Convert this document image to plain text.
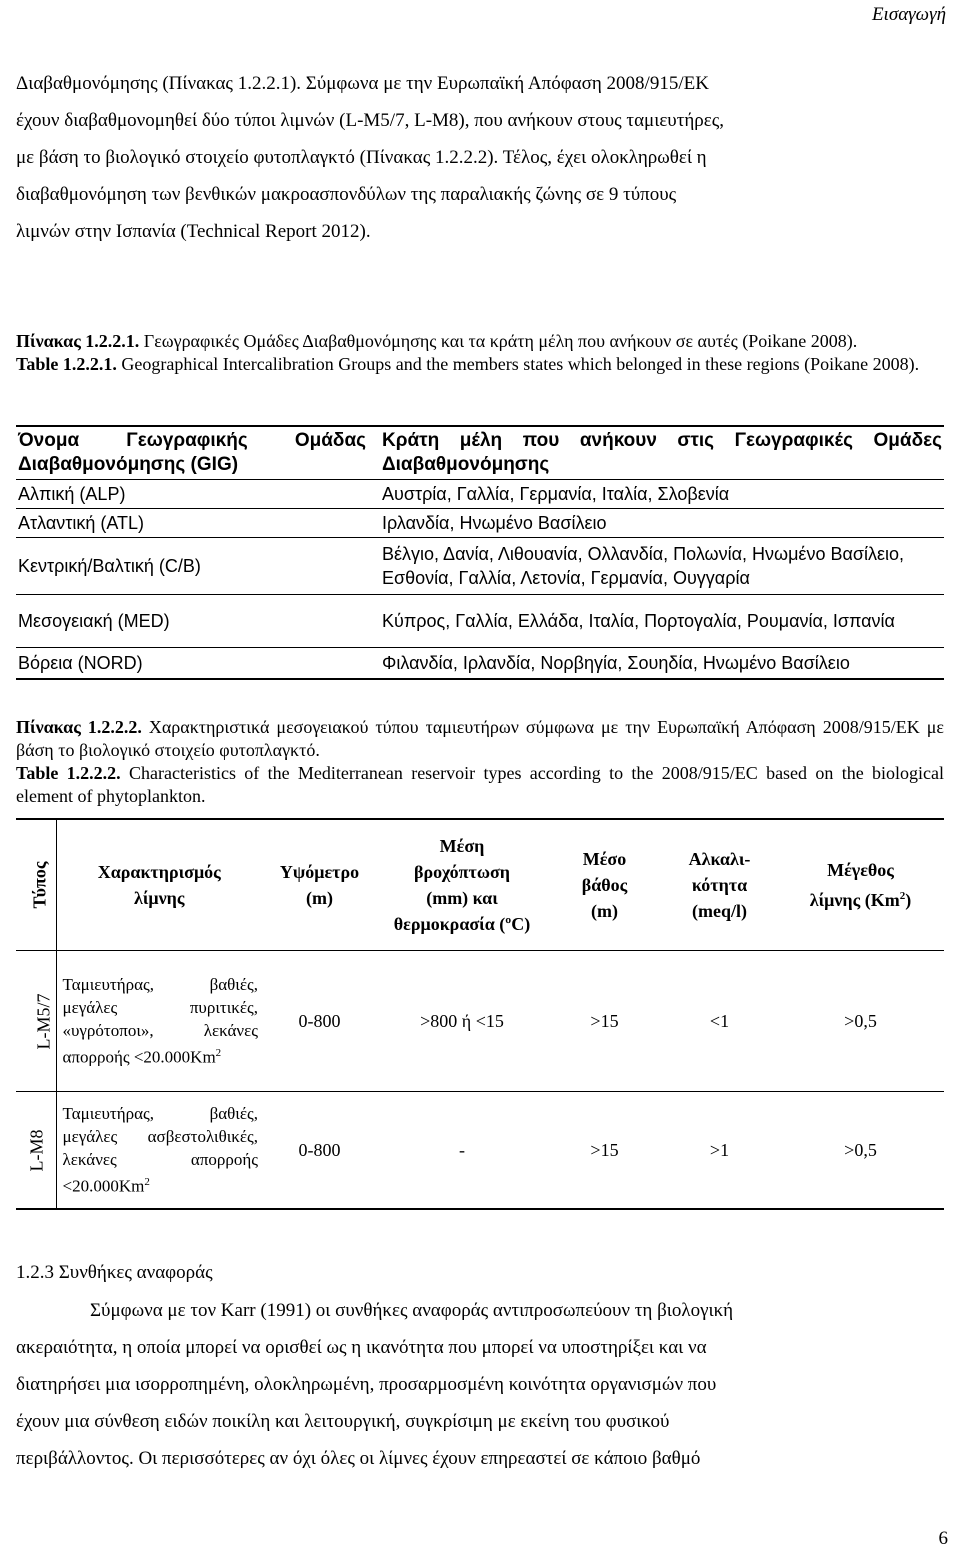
Εισαγωγή

Διαβαθμονόμησης (Πίνακας 1.2.2.1). Σύμφωνα με την Ευρωπαϊκή Απόφαση 2008/915/ΕΚ

έχουν διαβαθμονομηθεί δύο τύποι λιμνών (L-M5/7, L-M8), που ανήκουν στους ταμιευτήρες,

με βάση το βιολογικό στοιχείο φυτοπλαγκτό (Πίνακας 1.2.2.2). Τέλος, έχει ολοκληρωθεί η

διαβαθμονόμηση των βενθικών μακροασπονδύλων της παραλιακής ζώνης σε 9 τύπους

λιμνών στην Ισπανία (Technical Report 2012).

Πίνακας 1.2.2.1. Γεωγραφικές Ομάδες Διαβαθμονόμησης και τα κράτη μέλη που ανήκουν σε αυτές (Poikane 2008).

Table 1.2.2.1. Geographical Intercalibration Groups and the members states which belonged in these regions (Poikane 2008).

Όνομα Γεωγραφικής Ομάδας Διαβαθμονόμησης (GIG)	Κράτη μέλη που ανήκουν στις Γεωγραφικές Ομάδες Διαβαθμονόμησης
Αλπική (ALP)	Αυστρία, Γαλλία, Γερμανία, Ιταλία, Σλοβενία
Ατλαντική (ATL)	Ιρλανδία, Ηνωμένο Βασίλειο
Κεντρική/Βαλτική (C/B)	Βέλγιο, Δανία, Λιθουανία, Ολλανδία, Πολωνία, Ηνωμένο Βασίλειο, Εσθονία, Γαλλία, Λετονία, Γερμανία, Ουγγαρία
Μεσογειακή (MED)	Κύπρος, Γαλλία, Ελλάδα, Ιταλία, Πορτογαλία, Ρουμανία, Ισπανία
Βόρεια (NORD)	Φιλανδία, Ιρλανδία, Νορβηγία, Σουηδία, Ηνωμένο Βασίλειο

Πίνακας 1.2.2.2. Χαρακτηριστικά μεσογειακού τύπου ταμιευτήρων σύμφωνα με την Ευρωπαϊκή Απόφαση 2008/915/ΕΚ με βάση το βιολογικό στοιχείο φυτοπλαγκτό.

Table 1.2.2.2. Characteristics of the Mediterranean reservoir types according to the 2008/915/EC based on the biological element of phytoplankton.

Τύπος	Χαρακτηρισμός λίμνης	Υψόμετρο (m)	Μέση βροχόπτωση (mm) και θερμοκρασία (ºC)	Μέσο βάθος (m)	Αλκαλι-κότητα (meq/l)	Μέγεθος λίμνης (Km$^2$)
L-M5/7	Ταμιευτήρας, βαθιές, μεγάλες πυριτικές, «υγρότοποι», λεκάνες $\alpha\pi o\rho\rho oή\varsigma <20.000Km^2$	0-800	>800 ή <15	>15	<1	>0,5
L-M8	Ταμιευτήρας, βαθιές, μεγάλες ασβεστολιθικές, λεκάνες $\alpha\pi o\rho\rho oή\varsigma <20.000Km^2$	0-800	-	>15	>1	>0,5
1.2.3 Συνθήκες αναφοράς

Σύμφωνα με τον Karr (1991) οι συνθήκες αναφοράς αντιπροσωπεύουν τη βιολογική

ακεραιότητα, η οποία μπορεί να ορισθεί ως η ικανότητα που μπορεί να υποστηρίξει και να

διατηρήσει μια ισορροπημένη, ολοκληρωμένη, προσαρμοσμένη κοινότητα οργανισμών που

έχουν μια σύνθεση ειδών ποικίλη και λειτουργική, συγκρίσιμη με εκείνη του φυσικού

περιβάλλοντος. Οι περισσότερες αν όχι όλες οι λίμνες έχουν επηρεαστεί σε κάποιο βαθμό

6
